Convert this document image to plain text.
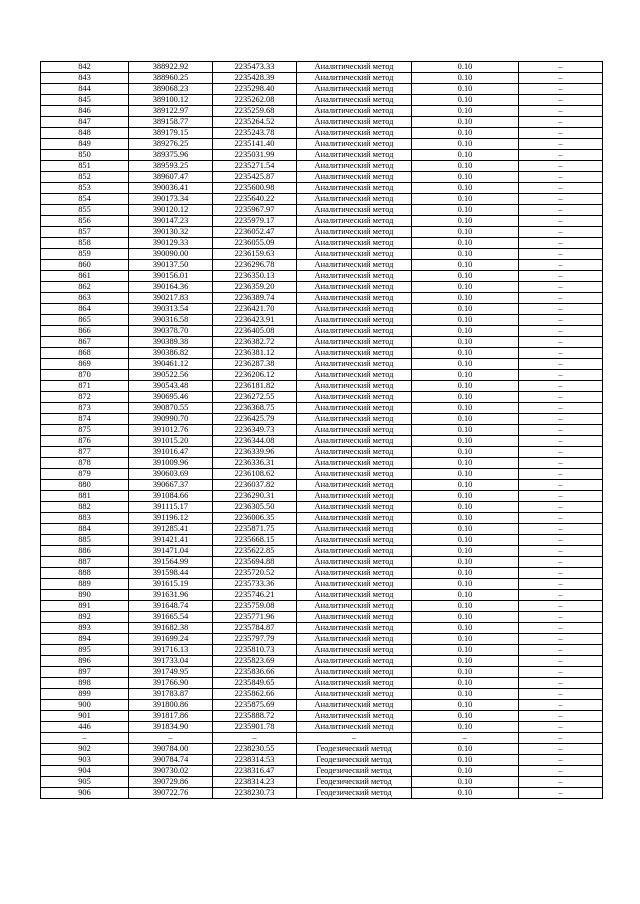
842	388922.92	2235473.33	Аналитический метод	0.10	–
843	388960.25	2235428.39	Аналитический метод	0.10	–
844	389068.23	2235298.40	Аналитический метод	0.10	–
845	389100.12	2235262.08	Аналитический метод	0.10	–
846	389122.97	2235259.68	Аналитический метод	0.10	–
847	389158.77	2235264.52	Аналитический метод	0.10	–
848	389179.15	2235243.78	Аналитический метод	0.10	–
849	389276.25	2235141.40	Аналитический метод	0.10	–
850	389375.96	2235031.99	Аналитический метод	0.10	–
851	389593.25	2235271.54	Аналитический метод	0.10	–
852	389607.47	2235425.87	Аналитический метод	0.10	–
853	390036.41	2235600.98	Аналитический метод	0.10	–
854	390173.34	2235640.22	Аналитический метод	0.10	–
855	390120.12	2235967.97	Аналитический метод	0.10	–
856	390147.23	2235979.17	Аналитический метод	0.10	–
857	390130.32	2236052.47	Аналитический метод	0.10	–
858	390129.33	2236055.09	Аналитический метод	0.10	–
859	390090.00	2236159.63	Аналитический метод	0.10	–
860	390137.50	2236296.78	Аналитический метод	0.10	–
861	390156.01	2236350.13	Аналитический метод	0.10	–
862	390164.36	2236359.20	Аналитический метод	0.10	–
863	390217.83	2236389.74	Аналитический метод	0.10	–
864	390313.54	2236421.70	Аналитический метод	0.10	–
865	390316.58	2236423.91	Аналитический метод	0.10	–
866	390378.70	2236405.08	Аналитический метод	0.10	–
867	390389.38	2236382.72	Аналитический метод	0.10	–
868	390386.82	2236381.12	Аналитический метод	0.10	–
869	390461.12	2236287.38	Аналитический метод	0.10	–
870	390522.56	2236206.12	Аналитический метод	0.10	–
871	390543.48	2236181.82	Аналитический метод	0.10	–
872	390695.46	2236272.55	Аналитический метод	0.10	–
873	390870.55	2236368.75	Аналитический метод	0.10	–
874	390990.70	2236425.79	Аналитический метод	0.10	–
875	391012.76	2236349.73	Аналитический метод	0.10	–
876	391015.20	2236344.08	Аналитический метод	0.10	–
877	391016.47	2236339.96	Аналитический метод	0.10	–
878	391009.96	2236336.31	Аналитический метод	0.10	–
879	390603.69	2236108.62	Аналитический метод	0.10	–
880	390667.37	2236037.82	Аналитический метод	0.10	–
881	391084.66	2236290.31	Аналитический метод	0.10	–
882	391115.17	2236305.50	Аналитический метод	0.10	–
883	391196.12	2236006.35	Аналитический метод	0.10	–
884	391285.41	2235871.75	Аналитический метод	0.10	–
885	391421.41	2235668.15	Аналитический метод	0.10	–
886	391471.04	2235622.85	Аналитический метод	0.10	–
887	391564.99	2235694.88	Аналитический метод	0.10	–
888	391598.44	2235720.52	Аналитический метод	0.10	–
889	391615.19	2235733.36	Аналитический метод	0.10	–
890	391631.96	2235746.21	Аналитический метод	0.10	–
891	391648.74	2235759.08	Аналитический метод	0.10	–
892	391665.54	2235771.96	Аналитический метод	0.10	–
893	391682.38	2235784.87	Аналитический метод	0.10	–
894	391699.24	2235797.79	Аналитический метод	0.10	–
895	391716.13	2235810.73	Аналитический метод	0.10	–
896	391733.04	2235823.69	Аналитический метод	0.10	–
897	391749.95	2235836.66	Аналитический метод	0.10	–
898	391766.90	2235849.65	Аналитический метод	0.10	–
899	391783.87	2235862.66	Аналитический метод	0.10	–
900	391800.86	2235875.69	Аналитический метод	0.10	–
901	391817.86	2235888.72	Аналитический метод	0.10	–
446	391834.90	2235901.78	Аналитический метод	0.10	–
–	–	–	–	–	–
902	390784.00	2238230.55	Геодезический метод	0.10	–
903	390784.74	2238314.53	Геодезический метод	0.10	–
904	390730.02	2238316.47	Геодезический метод	0.10	–
905	390729.86	2238314.23	Геодезический метод	0.10	–
906	390722.76	2238230.73	Геодезический метод	0.10	–
